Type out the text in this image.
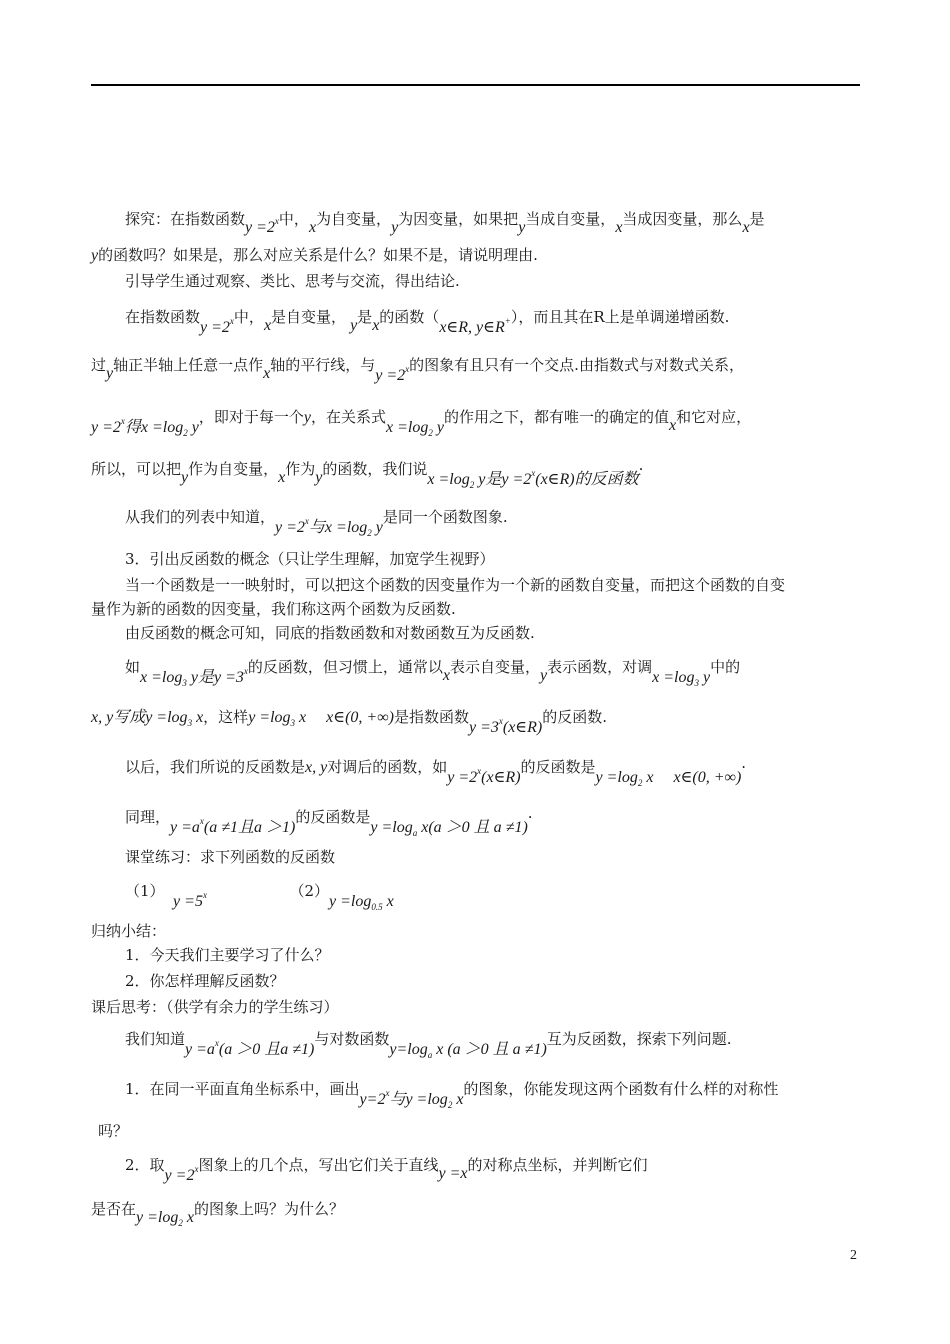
探究：在指数函数$y =2^x$中，x为自变量，y为因变量，如果把y当成自变量，x当成因变量，那么x是
y的函数吗？如果是，那么对应关系是什么？如果不是，请说明理由.
引导学生通过观察、类比、思考与交流，得出结论.
在指数函数$y =2^x$中，x是自变量， y是x的函数（x∈R, y∈R+），而且其在R上是单调递增函数.
过y轴正半轴上任意一点作x轴的平行线，与$y =2^x$的图象有且只有一个交点.由指数式与对数式关系，
$y =2^x$得$x =\log_2$ y，即对于每一个y，在关系式$x =\log_2$ y的作用之下，都有唯一的确定的值x和它对应，
所以，可以把y作为自变量，x作为y的函数，我们说$x =\log_2$ y是$y =2^x(x\in R)$的反函数·
从我们的列表中知道，$y =2^x$与$x =\log_2$ y是同一个函数图象.
3．引出反函数的概念（只让学生理解，加宽学生视野）
当一个函数是一一映射时，可以把这个函数的因变量作为一个新的函数自变量，而把这个函数的自变
量作为新的函数的因变量，我们称这两个函数为反函数.
由反函数的概念可知，同底的指数函数和对数函数互为反函数.
如$x =\log_3$ y是$y =3^x$的反函数，但习惯上，通常以x表示自变量，y表示函数，对调$x =\log_3$ y中的
x, y写成$y =\log_3$ x，这样$y =\log_3$ x　 x∈(0, +∞)是指数函数$y =3^x(x\in R)$的反函数.
以后，我们所说的反函数是x, y对调后的函数，如$y =2^x(x\in R)$的反函数是$y =\log_2$ x　 x∈(0, +∞)·
同理，$y =a^x(a \ne 1$且a ＞1)的反函数是$y =\log_a$ x(a ＞0 且 a ≠1)·
课堂练习：求下列函数的反函数
（1）　$y =5^x$　　　　　　$(2)y =\log_{0.5}$ x
归纳小结：
1．今天我们主要学习了什么？
2．你怎样理解反函数？
课后思考：（供学有余力的学生练习）
我们知道$y =a^x(a >0$ 且a ≠1)与对数函数$y=\log_a$ x (a ＞0 且 a ≠1)互为反函数，探索下列问题.
1．在同一平面直角坐标系中，画出$y=2^x$与$y =\log_2$ x的图象，你能发现这两个函数有什么样的对称性
吗？
2．取$y =2^x$图象上的几个点，写出它们关于直线y =x的对称点坐标，并判断它们
是否在$y =\log_2$ x的图象上吗？为什么？
2
